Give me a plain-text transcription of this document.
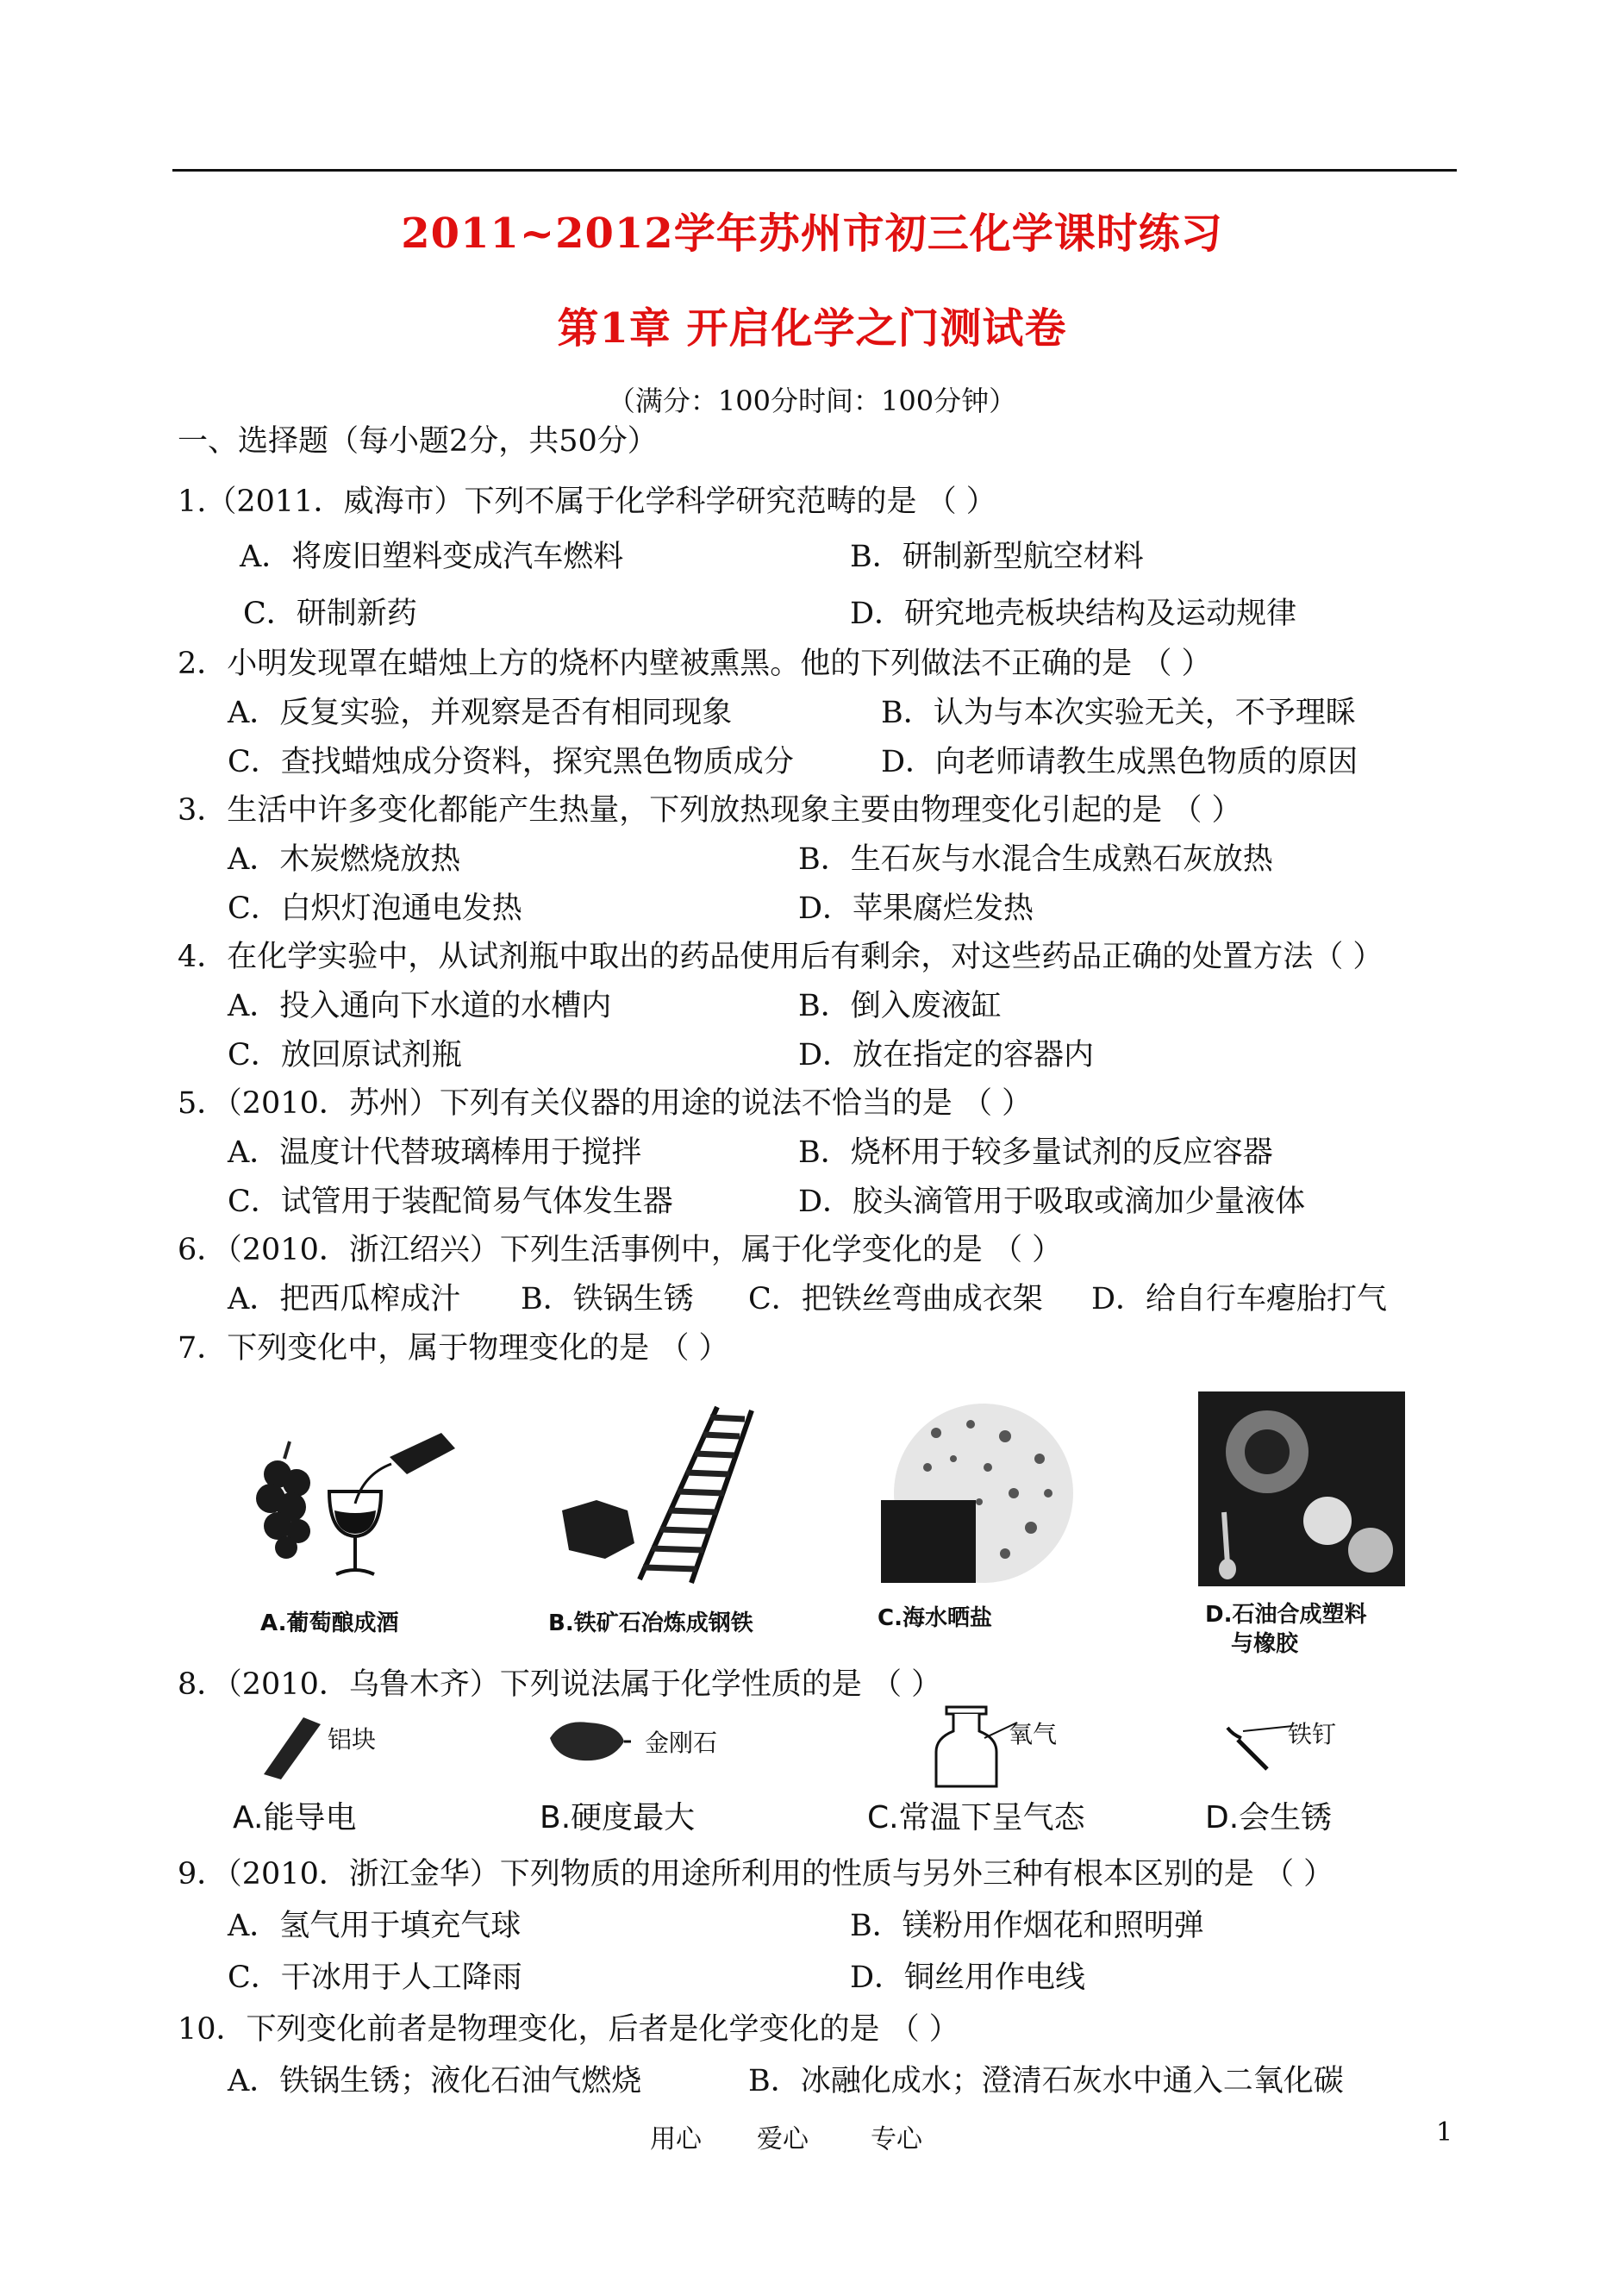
2011~2012学年苏州市初三化学课时练习
第1章 开启化学之门测试卷
（满分：100分时间：100分钟）
一、选择题（每小题2分，共50分）
1.（2011．威海市）下列不属于化学科学研究范畴的是 （ ）
A．将废旧塑料变成汽车燃料	B．研制新型航空材料
C．研制新药	D．研究地壳板块结构及运动规律
2．小明发现罩在蜡烛上方的烧杯内壁被熏黑。他的下列做法不正确的是 （ ）
A．反复实验，并观察是否有相同现象	B．认为与本次实验无关，不予理睬
C．查找蜡烛成分资料，探究黑色物质成分	D．向老师请教生成黑色物质的原因
3．生活中许多变化都能产生热量，下列放热现象主要由物理变化引起的是 （ ）
A．木炭燃烧放热	B．生石灰与水混合生成熟石灰放热
C．白炽灯泡通电发热	D．苹果腐烂发热
4．在化学实验中，从试剂瓶中取出的药品使用后有剩余，对这些药品正确的处置方法（ ）
A．投入通向下水道的水槽内	B．倒入废液缸
C．放回原试剂瓶	D．放在指定的容器内
5．（2010．苏州）下列有关仪器的用途的说法不恰当的是 （ ）
A．温度计代替玻璃棒用于搅拌	B．烧杯用于较多量试剂的反应容器
C．试管用于装配简易气体发生器	D．胶头滴管用于吸取或滴加少量液体
6．（2010．浙江绍兴）下列生活事例中，属于化学变化的是 （ ）
A．把西瓜榨成汁 B．铁锅生锈 C．把铁丝弯曲成衣架 D．给自行车瘪胎打气
7．下列变化中，属于物理变化的是 （ ）
A.葡萄酿成酒	B.铁矿石冶炼成钢铁	C.海水晒盐	D.石油合成塑料
与橡胶
8．（2010．乌鲁木齐）下列说法属于化学性质的是 （ ）
铝块
A.能导电
金刚石
B.硬度最大
氧气
C.常温下呈气态
铁钉
D.会生锈
9．（2010．浙江金华）下列物质的用途所利用的性质与另外三种有根本区别的是 （ ）
A．氢气用于填充气球	B．镁粉用作烟花和照明弹
C．干冰用于人工降雨	D．铜丝用作电线
10．下列变化前者是物理变化，后者是化学变化的是 （ ）
A．铁锅生锈；液化石油气燃烧	B．冰融化成水；澄清石灰水中通入二氧化碳
用心 爱心 专心	1
